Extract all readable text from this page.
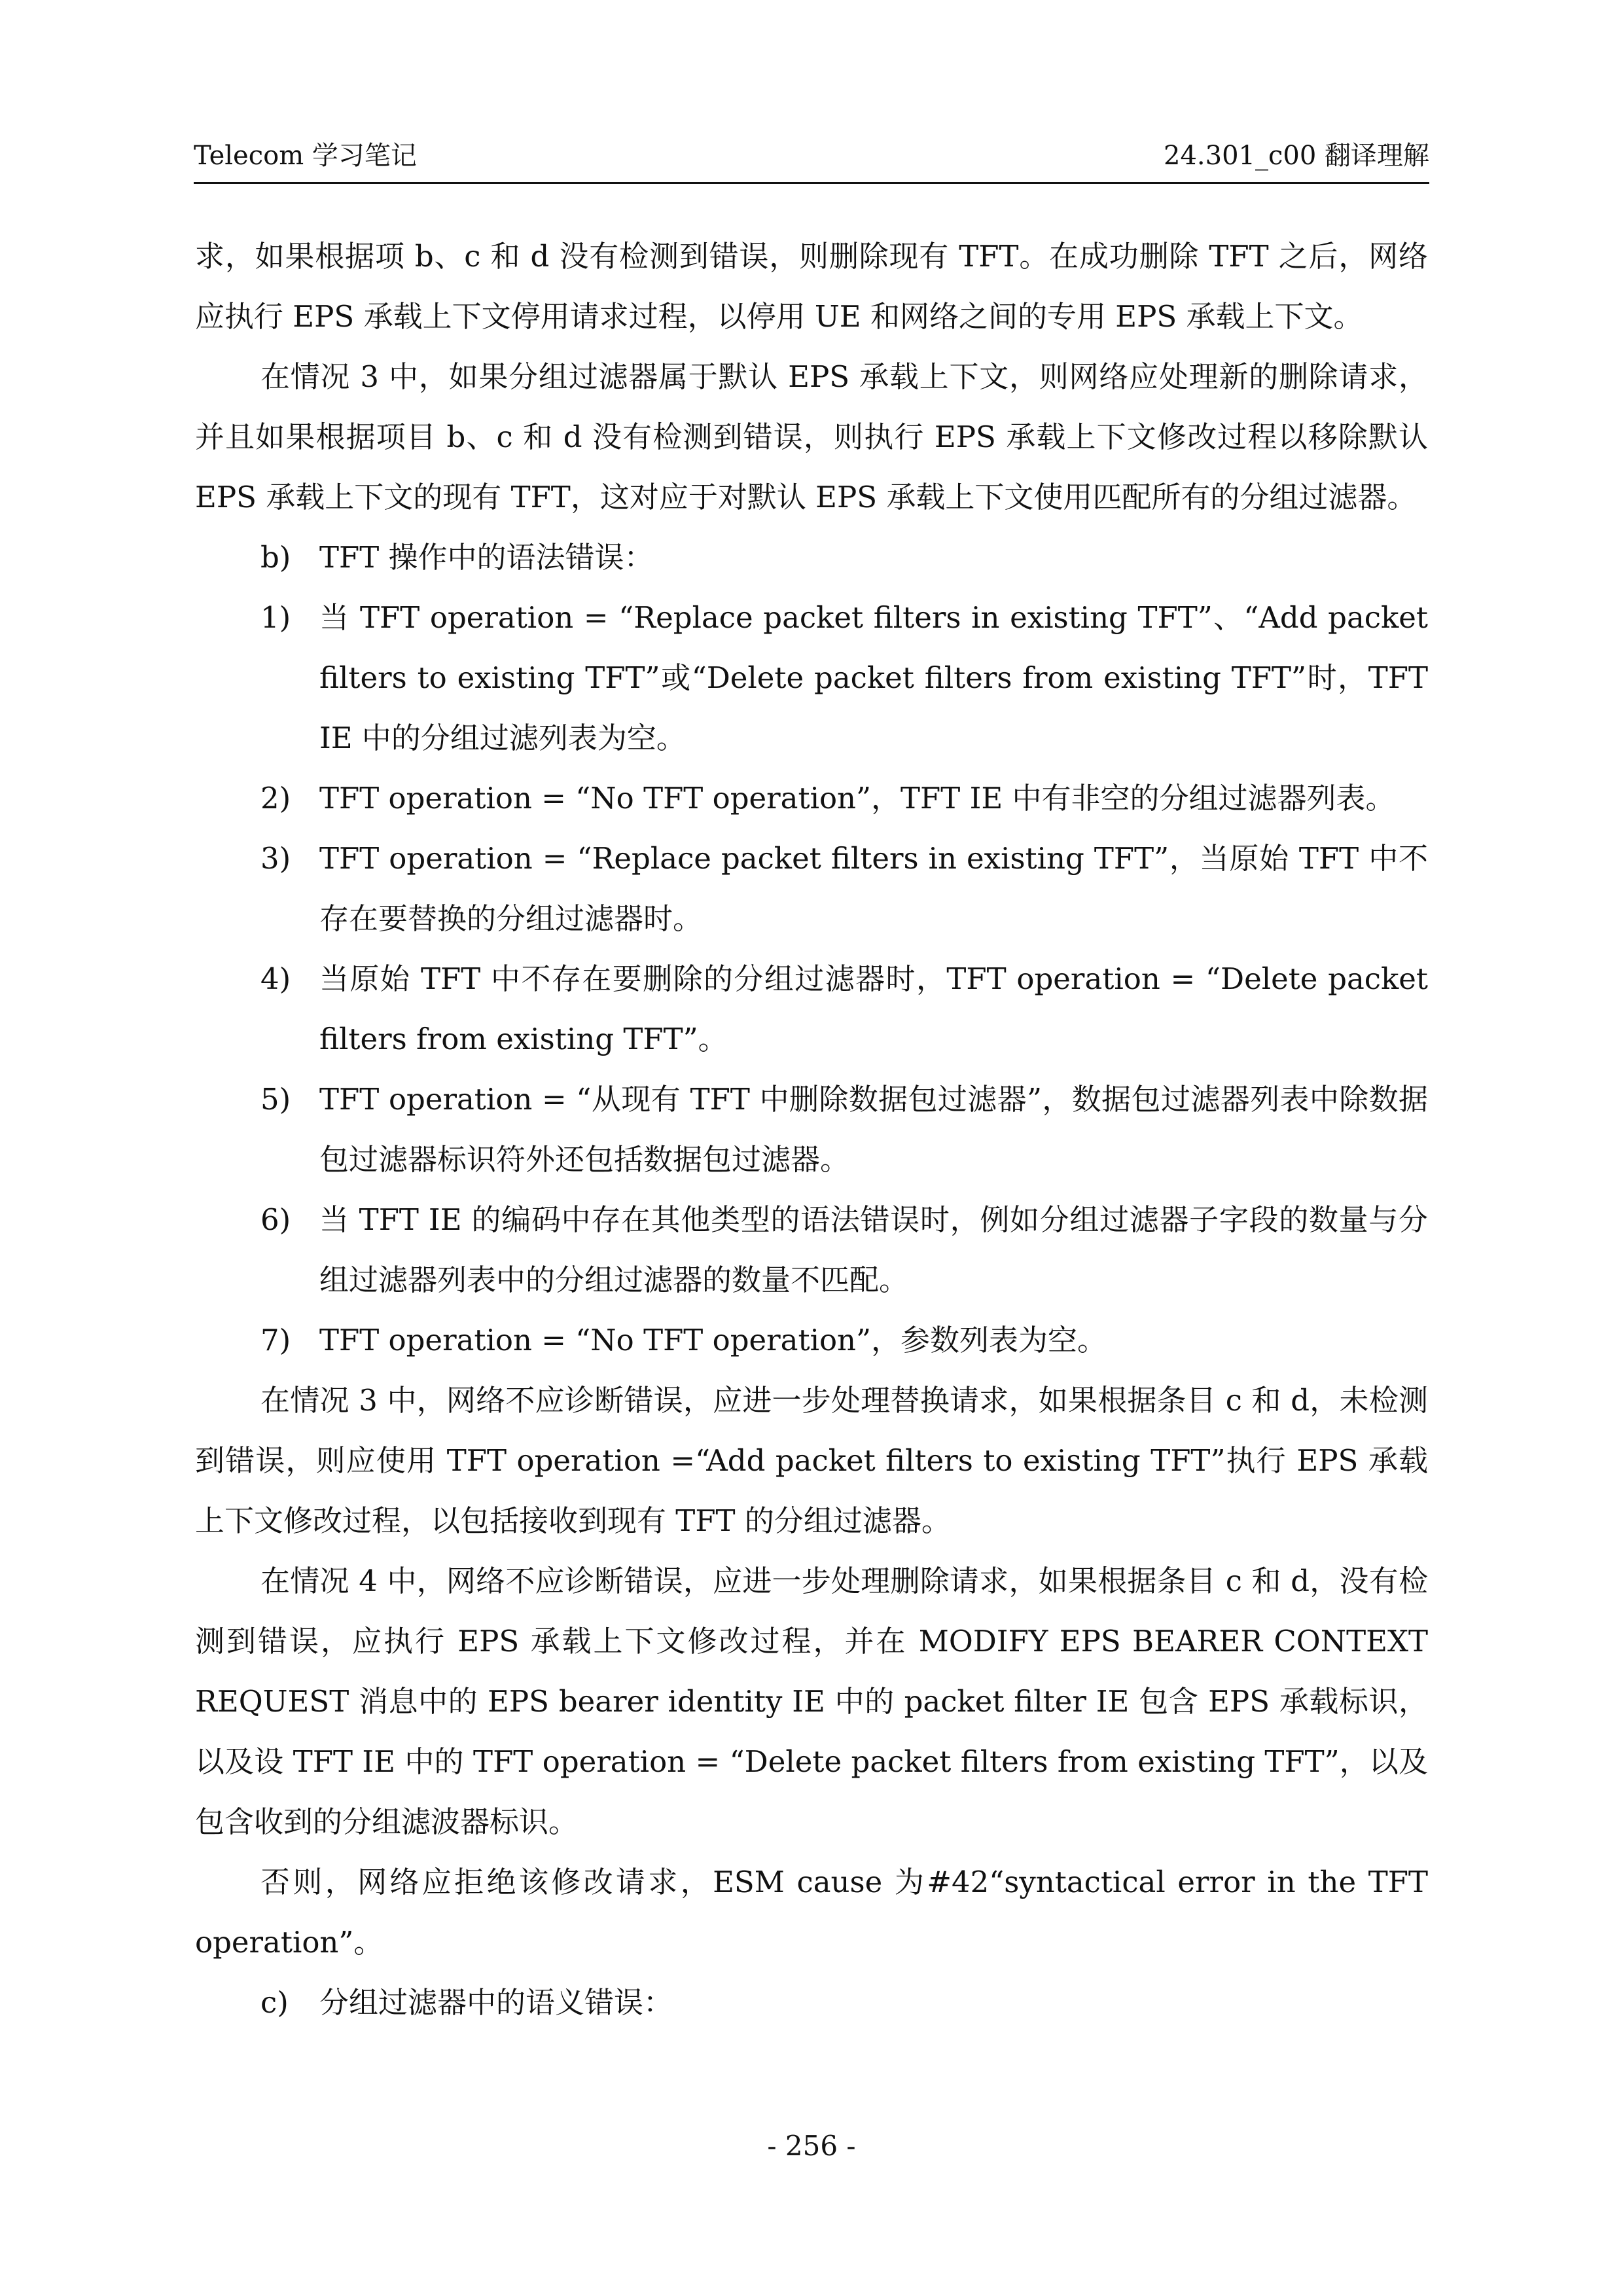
Telecom 学习笔记	24.301_c00 翻译理解

求，如果根据项 b、c 和 d 没有检测到错误，则删除现有 TFT。在成功删除 TFT 之后，网络应执行 EPS 承载上下文停用请求过程，以停用 UE 和网络之间的专用 EPS 承载上下文。

在情况 3 中，如果分组过滤器属于默认 EPS 承载上下文，则网络应处理新的删除请求，并且如果根据项目 b、c 和 d 没有检测到错误，则执行 EPS 承载上下文修改过程以移除默认 EPS 承载上下文的现有 TFT，这对应于对默认 EPS 承载上下文使用匹配所有的分组过滤器。

b) TFT 操作中的语法错误：
1) 当 TFT operation = “Replace packet filters in existing TFT”、“Add packet filters to existing TFT”或“Delete packet filters from existing TFT”时，TFT IE 中的分组过滤列表为空。
2) TFT operation = “No TFT operation”，TFT IE 中有非空的分组过滤器列表。
3) TFT operation = “Replace packet filters in existing TFT”，当原始 TFT 中不存在要替换的分组过滤器时。
4) 当原始 TFT 中不存在要删除的分组过滤器时，TFT operation = “Delete packet filters from existing TFT”。
5) TFT operation = “从现有 TFT 中删除数据包过滤器”，数据包过滤器列表中除数据包过滤器标识符外还包括数据包过滤器。
6) 当 TFT IE 的编码中存在其他类型的语法错误时，例如分组过滤器子字段的数量与分组过滤器列表中的分组过滤器的数量不匹配。
7) TFT operation = “No TFT operation”，参数列表为空。

在情况 3 中，网络不应诊断错误，应进一步处理替换请求，如果根据条目 c 和 d，未检测到错误，则应使用 TFT operation =“Add packet filters to existing TFT”执行 EPS 承载上下文修改过程，以包括接收到现有 TFT 的分组过滤器。

在情况 4 中，网络不应诊断错误，应进一步处理删除请求，如果根据条目 c 和 d，没有检测到错误，应执行 EPS 承载上下文修改过程，并在 MODIFY EPS BEARER CONTEXT REQUEST 消息中的 EPS bearer identity IE 中的 packet filter IE 包含 EPS 承载标识，以及设 TFT IE 中的 TFT operation = “Delete packet filters from existing TFT”，以及包含收到的分组滤波器标识。

否则，网络应拒绝该修改请求，ESM cause 为#42“syntactical error in the TFT operation”。

c) 分组过滤器中的语义错误：
- 256 -
